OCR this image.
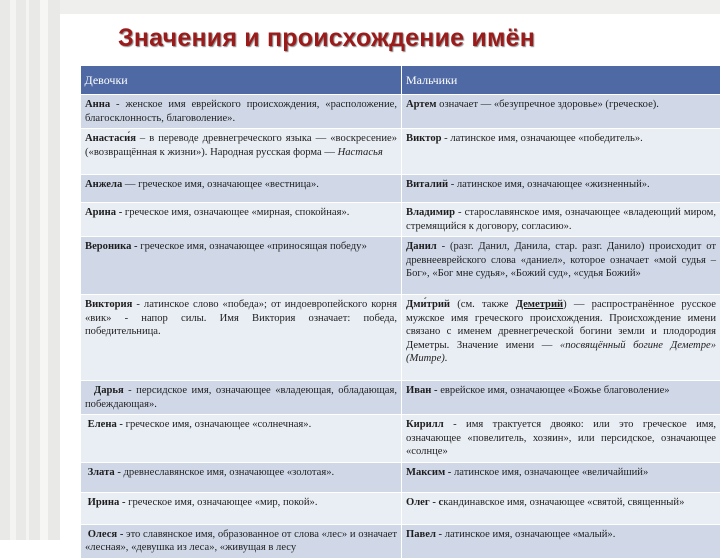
Значения и происхождение имён
Девочки	Мальчики
Анна - женское имя еврейского происхождения, «расположение, благосклонность, благоволение».	Артем означает — «безупречное здоровье» (греческое).
Анастаси́я – в переводе древнегреческого языка — «воскресение» («возвращённая к жизни»). Народная русская форма — Настасья	Виктор - латинское имя, означающее «победитель».
Анжела — греческое имя, означающее «вестница».	Виталий - латинское имя, означающее «жизненный».
Арина - греческое имя, означающее «мирная, спокойная».	Владимир - старославянское имя, означающее «владеющий миром, стремящийся к договору, согласию».
Вероника - греческое имя, означающее «приносящая победу»	Данил - (разг. Данил, Данила, стар. разг. Данило) происходит от древнееврейского слова «даниел», которое означает «мой судья – Бог», «Бог мне судья», «Божий суд», «судья Божий»
Виктория - латинское слово «победа»; от индоевропейского корня «вик» - напор силы. Имя Виктория означает: победа, победительница.	Дми́трий (см. также Деметрий) — распространённое русское мужское имя греческого происхождения. Происхождение имени связано с именем древнегреческой богини земли и плодородия Деметры. Значение имени — «посвящённый богине Деметре» (Митре).
Дарья - персидское имя, означающее «владеющая, обладающая, побеждающая».	Иван - еврейское имя, означающее «Божье благоволение»
Елена - греческое имя, означающее «солнечная».	Кирилл - имя трактуется двояко: или это греческое имя, означающее «повелитель, хозяин», или персидское, означающее «солнце»
Злата - древнеславянское имя, означающее «золотая».	Максим - латинское имя, означающее «величайший»
Ирина - греческое имя, означающее «мир, покой».	Олег - скандинавское имя, означающее «святой, священный»
Олеся - это славянское имя, образованное от слова «лес» и означает «лесная», «девушка из леса», «живущая в лесу	Павел - латинское имя, означающее «малый».
